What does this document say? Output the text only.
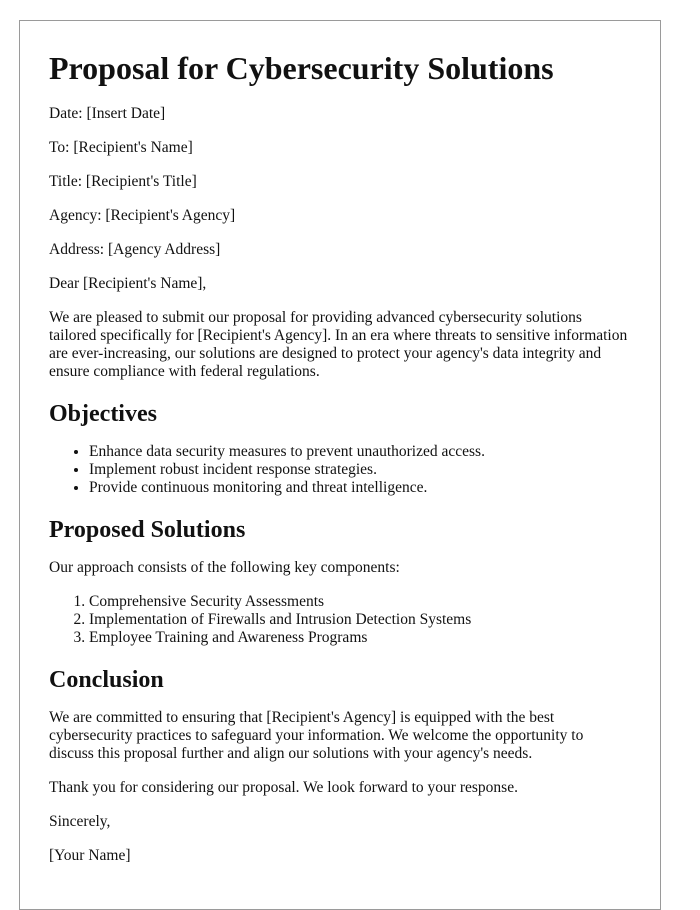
Proposal for Cybersecurity Solutions

Date: [Insert Date]

To: [Recipient's Name]

Title: [Recipient's Title]

Agency: [Recipient's Agency]

Address: [Agency Address]

Dear [Recipient's Name],

We are pleased to submit our proposal for providing advanced cybersecurity solutions tailored specifically for [Recipient's Agency]. In an era where threats to sensitive information are ever-increasing, our solutions are designed to protect your agency's data integrity and ensure compliance with federal regulations.

Objectives
• Enhance data security measures to prevent unauthorized access.
• Implement robust incident response strategies.
• Provide continuous monitoring and threat intelligence.
Proposed Solutions

Our approach consists of the following key components:

1. Comprehensive Security Assessments
2. Implementation of Firewalls and Intrusion Detection Systems
3. Employee Training and Awareness Programs
Conclusion

We are committed to ensuring that [Recipient's Agency] is equipped with the best cybersecurity practices to safeguard your information. We welcome the opportunity to discuss this proposal further and align our solutions with your agency's needs.

Thank you for considering our proposal. We look forward to your response.

Sincerely,

[Your Name]
